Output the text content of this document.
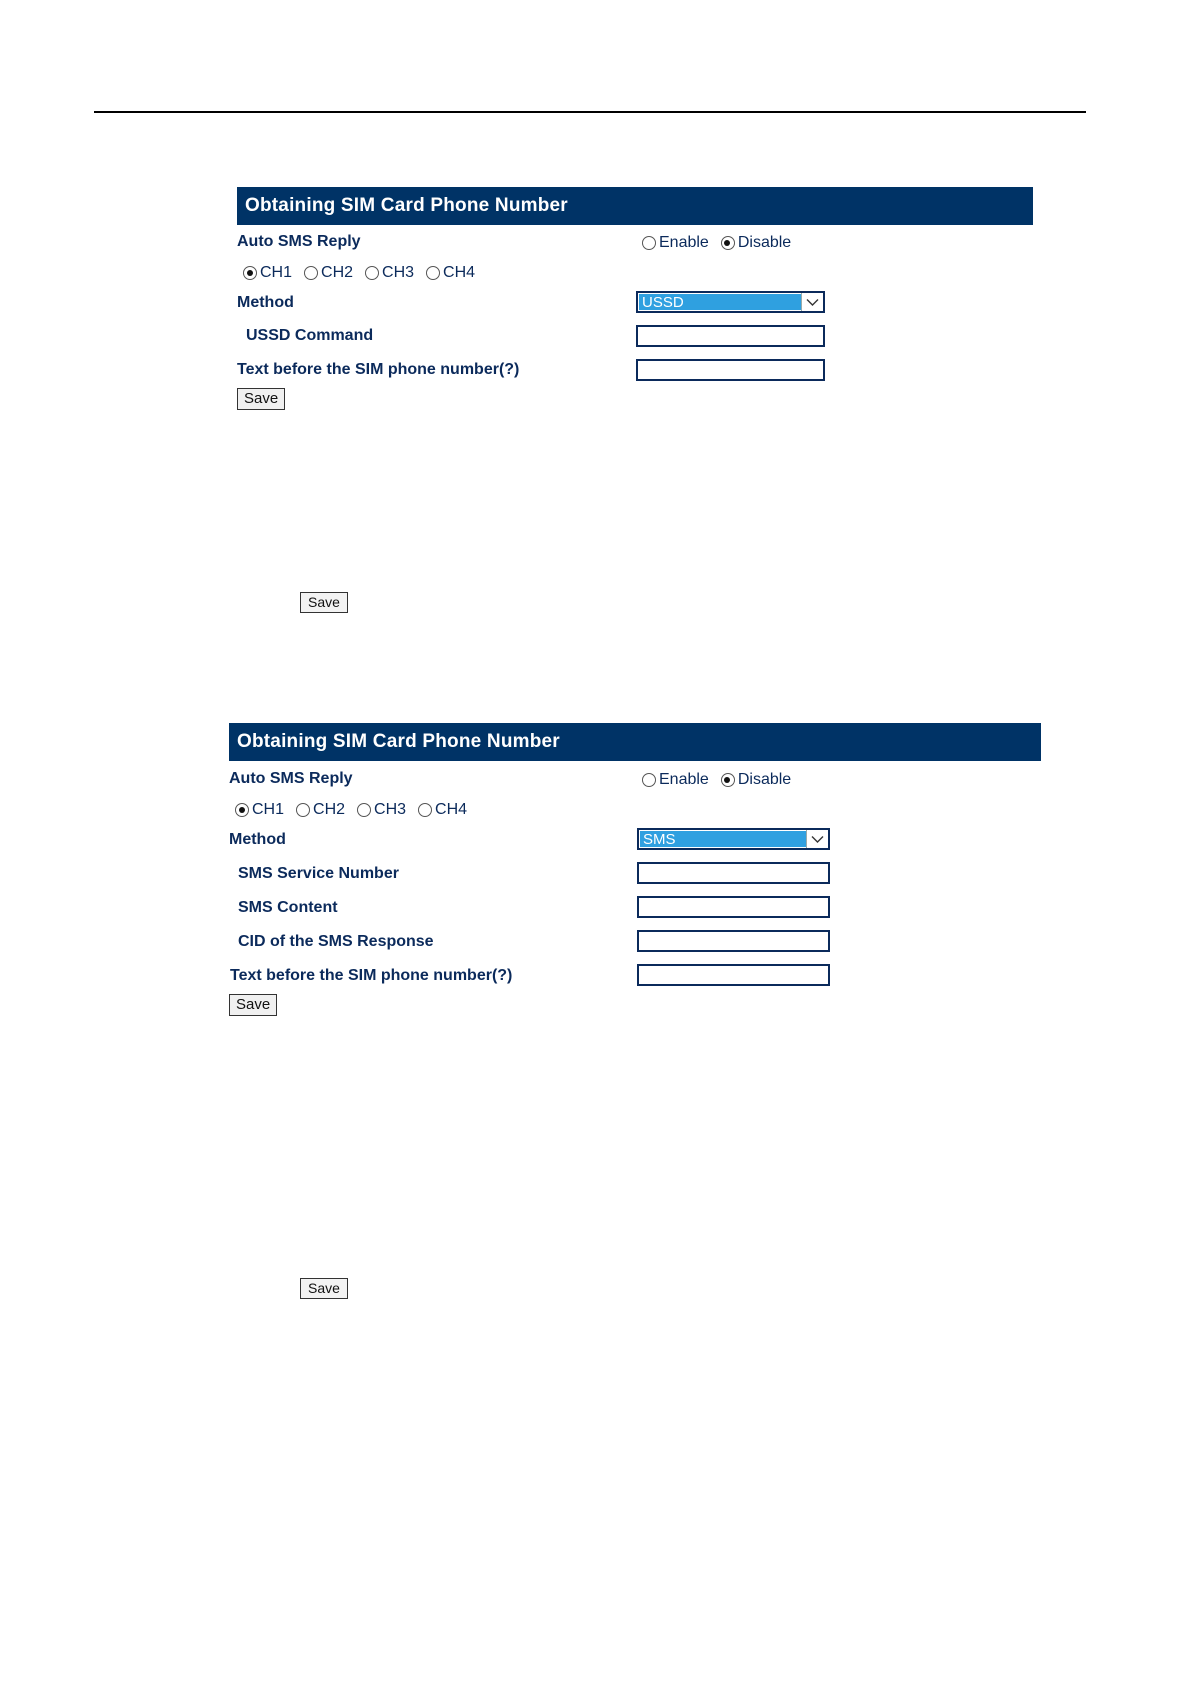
Obtaining SIM Card Phone Number
Auto SMS Reply	Enable Disable
CH1 CH2 CH3 CH4
Method	USSD
USSD Command
Text before the SIM phone number(?)
Save
Save
Obtaining SIM Card Phone Number
Auto SMS Reply	Enable Disable
CH1 CH2 CH3 CH4
Method	SMS
SMS Service Number
SMS Content
CID of the SMS Response
Text before the SIM phone number(?)
Save
Save
